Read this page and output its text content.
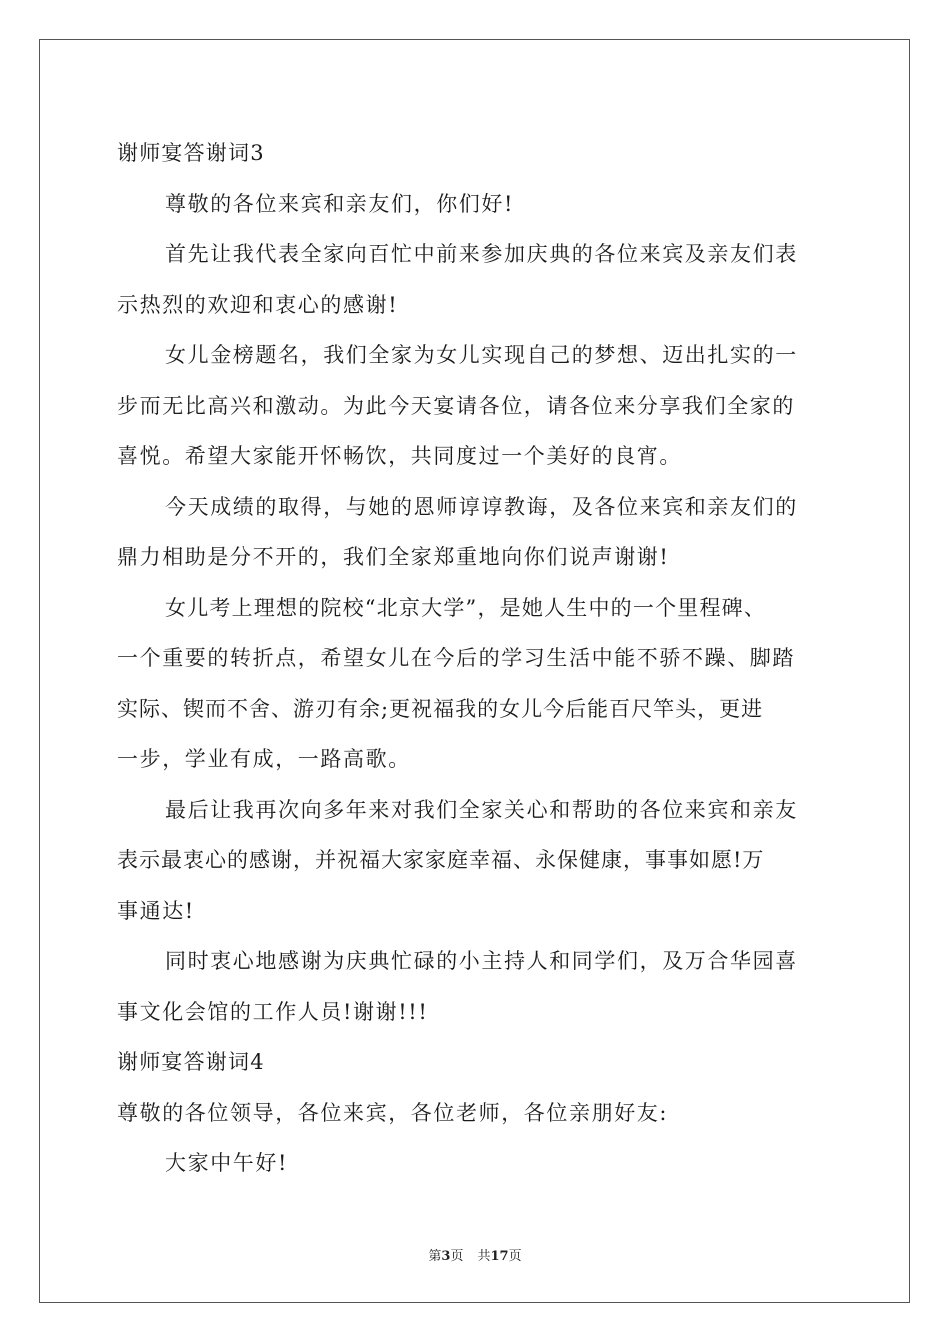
谢师宴答谢词3
尊敬的各位来宾和亲友们，你们好!
首先让我代表全家向百忙中前来参加庆典的各位来宾及亲友们表
示热烈的欢迎和衷心的感谢!
女儿金榜题名，我们全家为女儿实现自己的梦想、迈出扎实的一
步而无比高兴和激动。为此今天宴请各位，请各位来分享我们全家的
喜悦。希望大家能开怀畅饮，共同度过一个美好的良宵。
今天成绩的取得，与她的恩师谆谆教诲，及各位来宾和亲友们的
鼎力相助是分不开的，我们全家郑重地向你们说声谢谢!
女儿考上理想的院校“北京大学”，是她人生中的一个里程碑、
一个重要的转折点，希望女儿在今后的学习生活中能不骄不躁、脚踏
实际、锲而不舍、游刃有余;更祝福我的女儿今后能百尺竿头，更进
一步，学业有成，一路高歌。
最后让我再次向多年来对我们全家关心和帮助的各位来宾和亲友
表示最衷心的感谢，并祝福大家家庭幸福、永保健康，事事如愿!万
事通达!
同时衷心地感谢为庆典忙碌的小主持人和同学们，及万合华园喜
事文化会馆的工作人员!谢谢!!!
谢师宴答谢词4
尊敬的各位领导，各位来宾，各位老师，各位亲朋好友:
大家中午好!
第3页 共17页
